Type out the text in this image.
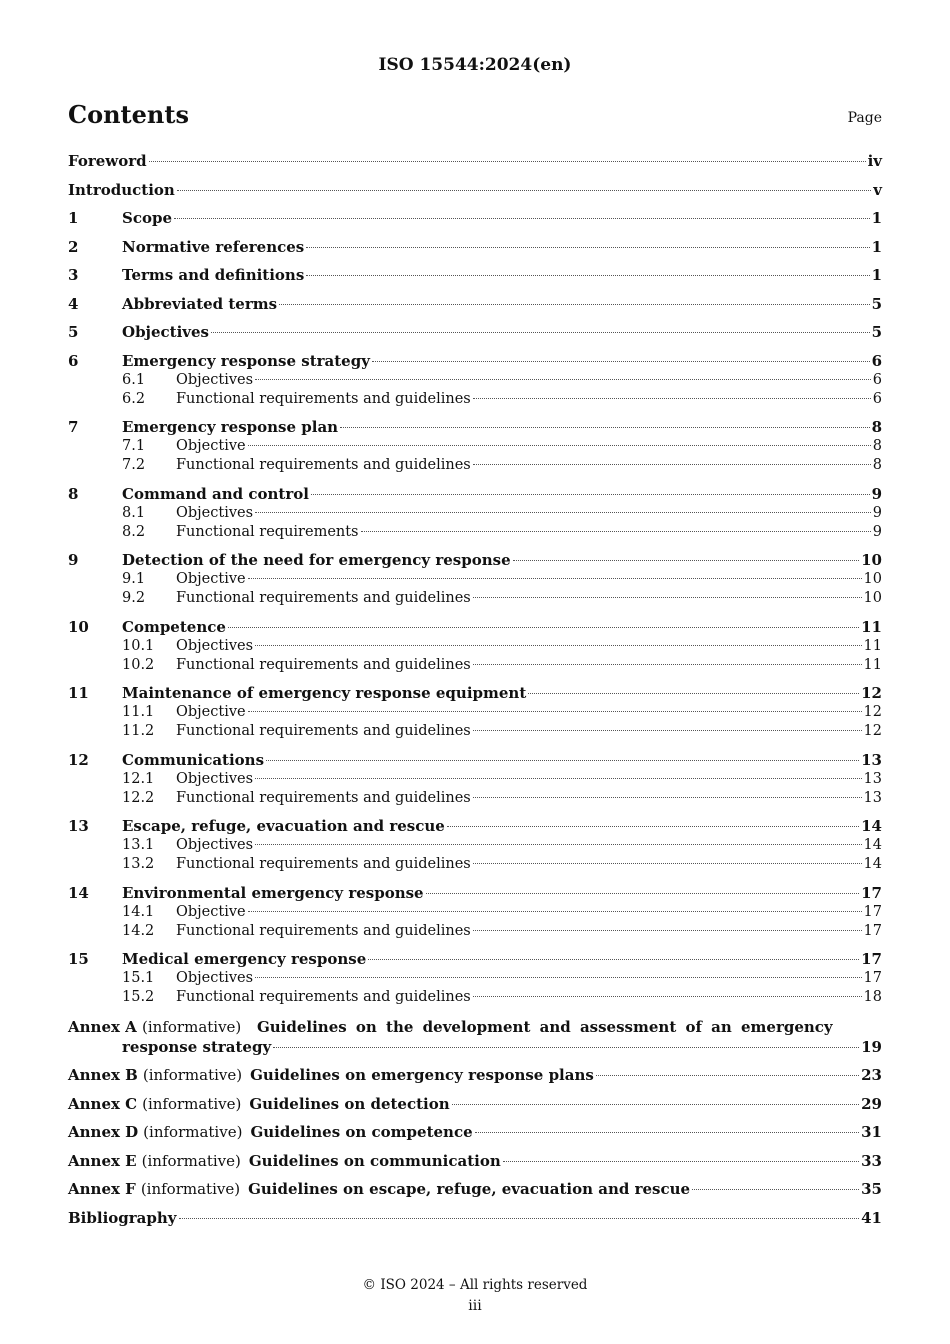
ISO 15544:2024(en)
Contents	Page
Foreword	iv
Introduction	v
1	Scope	1
2	Normative references	1
3	Terms and definitions	1
4	Abbreviated terms	5
5	Objectives	5
6	Emergency response strategy	6
6.1	Objectives	6
6.2	Functional requirements and guidelines	6
7	Emergency response plan	8
7.1	Objective	8
7.2	Functional requirements and guidelines	8
8	Command and control	9
8.1	Objectives	9
8.2	Functional requirements	9
9	Detection of the need for emergency response	10
9.1	Objective	10
9.2	Functional requirements and guidelines	10
10	Competence	11
10.1	Objectives	11
10.2	Functional requirements and guidelines	11
11	Maintenance of emergency response equipment	12
11.1	Objective	12
11.2	Functional requirements and guidelines	12
12	Communications	13
12.1	Objectives	13
12.2	Functional requirements and guidelines	13
13	Escape, refuge, evacuation and rescue	14
13.1	Objectives	14
13.2	Functional requirements and guidelines	14
14	Environmental emergency response	17
14.1	Objective	17
14.2	Functional requirements and guidelines	17
15	Medical emergency response	17
15.1	Objectives	17
15.2	Functional requirements and guidelines	18
Annex A
(informative)
Guidelines on the development and assessment of an emergency
response strategy	19
Annex B (informative) Guidelines on emergency response plans	23
Annex C (informative) Guidelines on detection	29
Annex D (informative) Guidelines on competence	31
Annex E (informative) Guidelines on communication	33
Annex F (informative) Guidelines on escape, refuge, evacuation and rescue	35
Bibliography	41
© ISO 2024 – All rights reserved
iii
